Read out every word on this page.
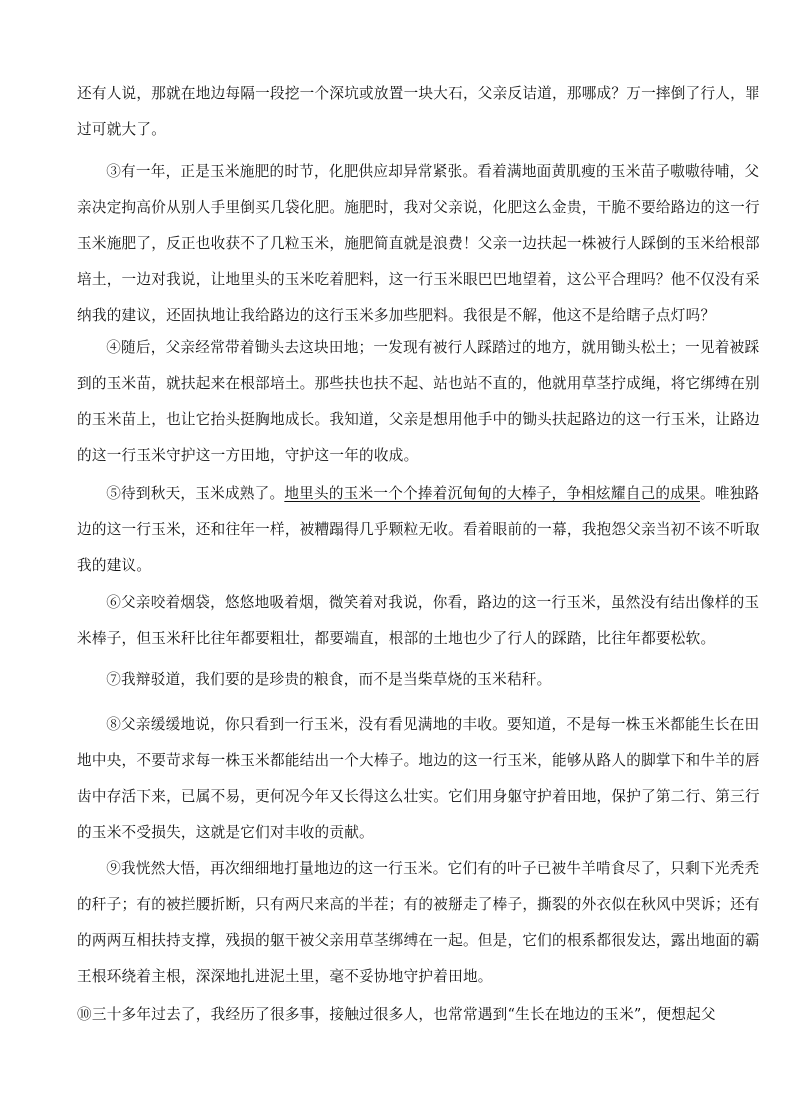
还有人说，那就在地边每隔一段挖一个深坑或放置一块大石，父亲反诘道，那哪成？万一摔倒了行人，罪
过可就大了。
③有一年，正是玉米施肥的时节，化肥供应却异常紧张。看着满地面黄肌瘦的玉米苗子嗷嗷待哺，父
亲决定拘高价从别人手里倒买几袋化肥。施肥时，我对父亲说，化肥这么金贵，干脆不要给路边的这一行
玉米施肥了，反正也收获不了几粒玉米，施肥简直就是浪费！父亲一边扶起一株被行人踩倒的玉米给根部
培土，一边对我说，让地里头的玉米吃着肥料，这一行玉米眼巴巴地望着，这公平合理吗？他不仅没有采
纳我的建议，还固执地让我给路边的这行玉米多加些肥料。我很是不解，他这不是给瞎子点灯吗？
④随后，父亲经常带着锄头去这块田地；一发现有被行人踩踏过的地方，就用锄头松土；一见着被踩
到的玉米苗，就扶起来在根部培土。那些扶也扶不起、站也站不直的，他就用草茎拧成绳，将它绑缚在别
的玉米苗上，也让它抬头挺胸地成长。我知道，父亲是想用他手中的锄头扶起路边的这一行玉米，让路边
的这一行玉米守护这一方田地，守护这一年的收成。
⑤待到秋天，玉米成熟了。地里头的玉米一个个捧着沉甸甸的大棒子，争相炫耀自己的成果。唯独路
边的这一行玉米，还和往年一样，被糟蹋得几乎颗粒无收。看着眼前的一幕，我抱怨父亲当初不该不听取
我的建议。
⑥父亲咬着烟袋，悠悠地吸着烟，微笑着对我说，你看，路边的这一行玉米，虽然没有结出像样的玉
米棒子，但玉米秆比往年都要粗壮，都要端直，根部的土地也少了行人的踩踏，比往年都要松软。
⑦我辩驳道，我们要的是珍贵的粮食，而不是当柴草烧的玉米秸秆。
⑧父亲缓缓地说，你只看到一行玉米，没有看见满地的丰收。要知道，不是每一株玉米都能生长在田
地中央，不要苛求每一株玉米都能结出一个大棒子。地边的这一行玉米，能够从路人的脚掌下和牛羊的唇
齿中存活下来，已属不易，更何况今年又长得这么壮实。它们用身躯守护着田地，保护了第二行、第三行
的玉米不受损失，这就是它们对丰收的贡献。
⑨我恍然大悟，再次细细地打量地边的这一行玉米。它们有的叶子已被牛羊啃食尽了，只剩下光秃秃
的秆子；有的被拦腰折断，只有两尺来高的半茬；有的被掰走了棒子，撕裂的外衣似在秋风中哭诉；还有
的两两互相扶持支撑，残损的躯干被父亲用草茎绑缚在一起。但是，它们的根系都很发达，露出地面的霸
王根环绕着主根，深深地扎进泥土里，毫不妥协地守护着田地。
⑩三十多年过去了，我经历了很多事，接触过很多人，也常常遇到“生长在地边的玉米”，便想起父
